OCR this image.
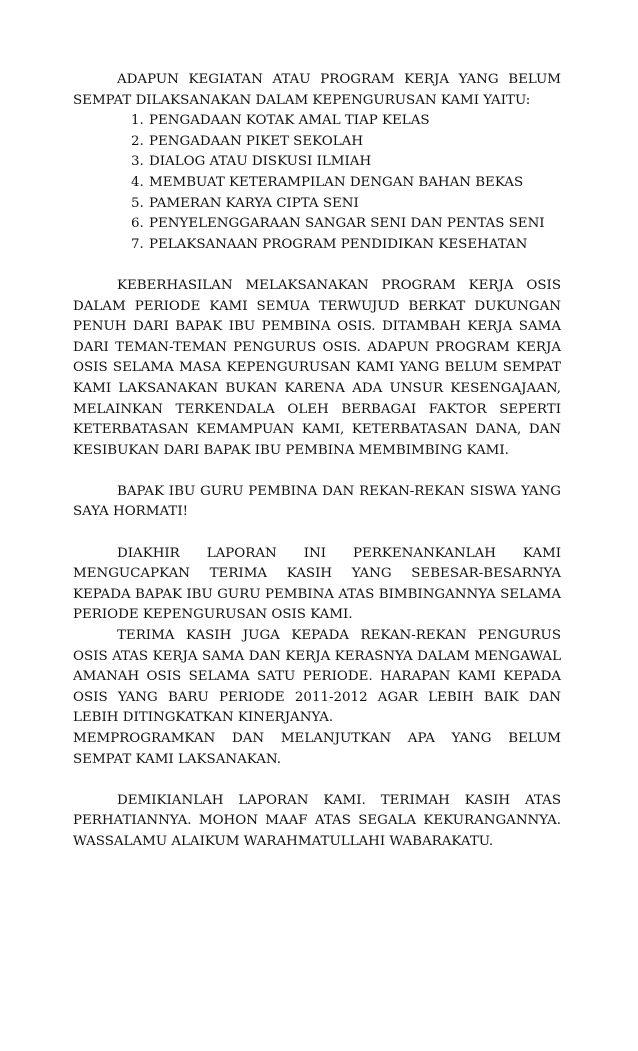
ADAPUN KEGIATAN ATAU PROGRAM KERJA YANG BELUM SEMPAT DILAKSANAKAN DALAM KEPENGURUSAN KAMI YAITU:

1. PENGADAAN KOTAK AMAL TIAP KELAS
2. PENGADAAN PIKET SEKOLAH
3. DIALOG ATAU DISKUSI ILMIAH
4. MEMBUAT KETERAMPILAN DENGAN BAHAN BEKAS
5. PAMERAN KARYA CIPTA SENI
6. PENYELENGGARAAN SANGAR SENI DAN PENTAS SENI
7. PELAKSANAAN PROGRAM PENDIDIKAN KESEHATAN

KEBERHASILAN MELAKSANAKAN PROGRAM KERJA OSIS DALAM PERIODE KAMI SEMUA TERWUJUD BERKAT DUKUNGAN PENUH DARI BAPAK IBU PEMBINA OSIS. DITAMBAH KERJA SAMA DARI TEMAN-TEMAN PENGURUS OSIS. ADAPUN PROGRAM KERJA OSIS SELAMA MASA KEPENGURUSAN KAMI YANG BELUM SEMPAT KAMI LAKSANAKAN BUKAN KARENA ADA UNSUR KESENGAJAAN, MELAINKAN TERKENDALA OLEH BERBAGAI FAKTOR SEPERTI KETERBATASAN KEMAMPUAN KAMI, KETERBATASAN DANA, DAN KESIBUKAN DARI BAPAK IBU PEMBINA MEMBIMBING KAMI.

BAPAK IBU GURU PEMBINA DAN REKAN-REKAN SISWA YANG SAYA HORMATI!

DIAKHIR LAPORAN INI PERKENANKANLAH KAMI MENGUCAPKAN TERIMA KASIH YANG SEBESAR-BESARNYA KEPADA BAPAK IBU GURU PEMBINA ATAS BIMBINGANNYA SELAMA PERIODE KEPENGURUSAN OSIS KAMI.

TERIMA KASIH JUGA KEPADA REKAN-REKAN PENGURUS OSIS ATAS KERJA SAMA DAN KERJA KERASNYA DALAM MENGAWAL AMANAH OSIS SELAMA SATU PERIODE. HARAPAN KAMI KEPADA OSIS YANG BARU PERIODE 2011-2012 AGAR LEBIH BAIK DAN LEBIH DITINGKATKAN KINERJANYA.

MEMPROGRAMKAN DAN MELANJUTKAN APA YANG BELUM SEMPAT KAMI LAKSANAKAN.

DEMIKIANLAH LAPORAN KAMI. TERIMAH KASIH ATAS PERHATIANNYA. MOHON MAAF ATAS SEGALA KEKURANGANNYA. WASSALAMU ALAIKUM WARAHMATULLAHI WABARAKATU.
